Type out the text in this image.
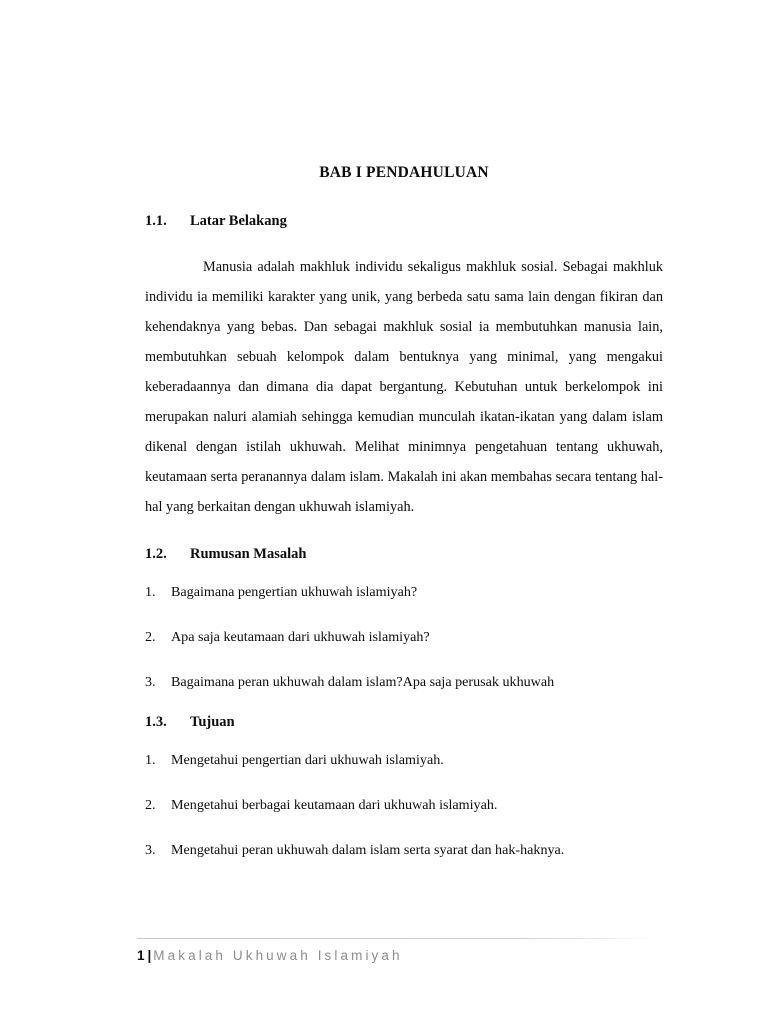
BAB I PENDAHULUAN
1.1.	Latar Belakang

Manusia adalah makhluk individu sekaligus makhluk sosial. Sebagai makhluk individu ia memiliki karakter yang unik, yang berbeda satu sama lain dengan fikiran dan kehendaknya yang bebas. Dan sebagai makhluk sosial ia membutuhkan manusia lain, membutuhkan sebuah kelompok dalam bentuknya yang minimal, yang mengakui keberadaannya dan dimana dia dapat bergantung. Kebutuhan untuk berkelompok ini merupakan naluri alamiah sehingga kemudian munculah ikatan-ikatan yang dalam islam dikenal dengan istilah ukhuwah. Melihat minimnya pengetahuan tentang ukhuwah, keutamaan serta peranannya dalam islam. Makalah ini akan membahas secara tentang hal-hal yang berkaitan dengan ukhuwah islamiyah.

1.2.	Rumusan Masalah
1.	Bagaimana pengertian ukhuwah islamiyah?
2.	Apa saja keutamaan dari ukhuwah islamiyah?
3.	Bagaimana peran ukhuwah dalam islam?Apa saja perusak ukhuwah
1.3.	Tujuan
1.	Mengetahui pengertian dari ukhuwah islamiyah.
2.	Mengetahui berbagai keutamaan dari ukhuwah islamiyah.
3.	Mengetahui peran ukhuwah dalam islam serta syarat dan hak-haknya.
1 | Makalah Ukhuwah Islamiyah
